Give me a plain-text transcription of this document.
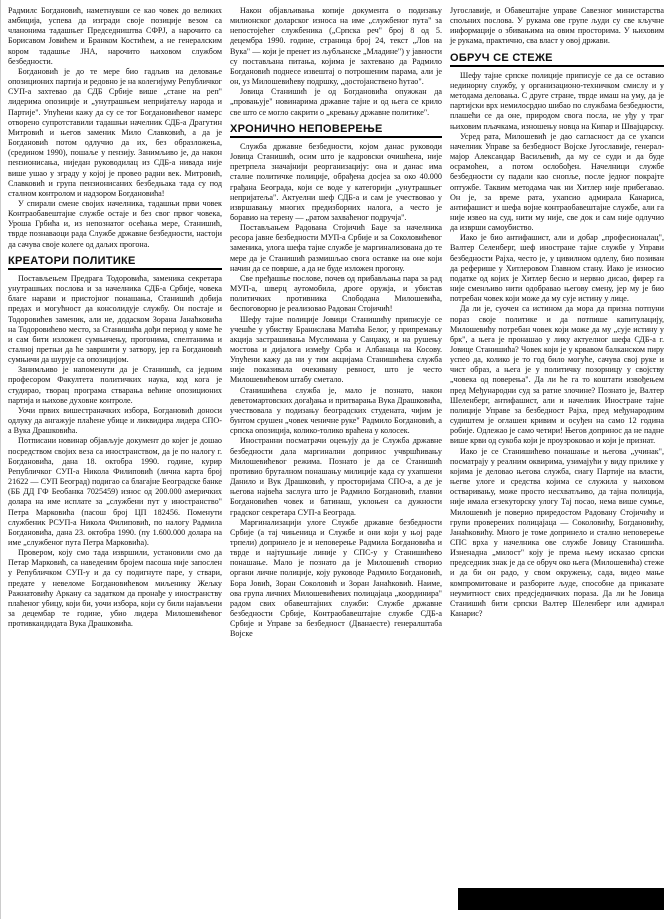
Радмилс Богдановић, наметнувши се као човек до великих амбиција, успева да изгради своје позиције везом са чланонима тадашњег Председништва СФРЈ, а нарочито са Борисавом Јовићем и Бранком Костићем, а не генералским кором тадашње ЈНА, нарочито њиховом службом безбедности.

Богдановић је до те мере био гадљив на деловање опозиционих партија и редовно је на колегијуму Републичког СУП-а захтевао да СДБ Србије више „стане на реп" лидерима опозиције и „унутрашњем непријатељу народа и Партије". Упућени кажу да су се тог Богдановићевог намерс отворено супротставили тадашњи начелник СДБ-а Драгутин Митровић и његов заменик Мило Славковић, а да је Богдановић потом одлучио да их, без образложења, (средином 1990), пошаље у пензију. Занимљиво је, да након пензионисања, ниједан руководилац из СДБ-а нивада није више ушао у зграду у којој је провео радни век. Митровић, Славковић и група пензионисаних безбедњака тада су под сталном контролом и надзором Богдановића!

У спирали смене својих начелника, тадашњи први човек Контраобавештајне службе остаје и без свог првог човека, Уроша Грбића и, из непознатог осећања мере, Станишић, тврде познаваоци рада Службе државне безбедности, настоји да сачува своје колеге од даљих прогона.

КРЕАТОРИ ПОЛИТИКЕ

Постављењем Предрага Тодоровића, заменика секретара унутрашњих послова и за начелника СДБ-а Србије, човека благе нарави и пристојног понашања, Станишић добија предах и могућност да консолидује службу. Он постаје и Тодоровићев заменик, али не, додаском Зорана Јанаћковића на Тодоровићево место, за Станишића дођи период у коме ће и сам бити изложен сумњичењу, прогонима, спелтанима и сталној претњи да ће завршити у затвору, јер га Богдановић сумњичи да шурује са опозицијом.

Занимљиво је напоменути да је Станишић, са једним професором Факултета политичких наука, код кога је студирао, творац програма стварања већине опозиционих партија и њихове духовне контроле.

Уочи првих вишестраначких избора, Богдановић доноси одлуку да ангажује плаћене убице и ликвидира лидера СПО-а Вука Драшковића.

Потписани новинар објављује документ до којег је дошао посредством својих веза са иностранством, да је по налогу г. Богдановића, дана 18. октобра 1990. године, курир Републичког СУП-а Никола Филиповић (лична карта број 21622 — СУП Београд) подигао са благајне Београдске банке (ББ ДД ГФ Беобанка 7025459) износ од 200.000 америчких долара на име исплате за „службени пут у иностранство" Петра Марковића (пасош број ЦП 182456. Поменути службеник РСУП-а Никола Филиповић, по налогу Радмила Богдановића, дана 23. октобра 1990. (пу 1.600.000 долара на име „службеног пута Петра Марковића).

Провером, коју смо тада извршили, установили смо да Петар Марковић, са наведеним бројем пасоша није запослен у Републичком СУП-у и да су подигнуте паре, у ствари, предате у невеломе Богдановићевом миљенику Жељку Ражнатовићу Аркану са задатком да пронађе у иностранству плаћеног убицу, који би, уочи избора, који су били најављени за децембар те године, убио лидера Милошевићевог противкандидата Вука Драшковића.

Након објављивања копије документа о подизању милионског доларског износа на име „службеног пута" за непостојећег службеника („Српска реч" број 8 од 5. децембра 1990. године, страница број 24, текст „Лов на Вука" — који је пренет из љубљанске „Младине") у јавности су постављана питања, којима је захтевано да Радмило Богдановић поднесе извештај о потрошеним парама, али је он, уз Милошевићеву подршку, „достојанствено ћутао".

Јовица Станишић је од Богдановића опужжан да „провањује" новинарима државне тајне и од њега се крило све што се могло сакрити о „кревању државне политике".

ХРОНИЧНО НЕПОВЕРЕЊЕ

Служба државне безбедности, којом данас руководи Јовица Станишић, осим што је кадровски очишћена, није претрпела значајнији реорганизацију: она и данас има сталне политичке полиције, обрађена досјеа за око 40.000 грађана Београда, који се воде у категорији „унутрашњег непријатеља". Актуелни шеф СДБ-а и сам је учествовао у извршавању многих предизборних налога, а често је боравио на терену — „ратом захваћеног подручја".

Постављањем Радована Стојичић Баџе за начелника ресора јавне безбедности МУП-а Србије и за Соколовићевог заменика, улога шефа тајне службе је маргинализована до те мере да је Станишић размишљао свога оставке на оне који начин да се површе, а да не буде изложен прогону.

Све пређашње послове, почев од прибављања пара за рад МУП-а, шверц аутомобила, дроге оружја, и убистав политичких противника Слободана Милошевића, беспоговорно је реализовао Радован Стојичић!

Шефу тајне полиције Јовици Станишићу приписује се учешће у убиству Бранислава Матића Белог, у припремању акција застрашивања Муслимана у Санџаку, и на рушењу мостова и дијалога између Срба и Албанаца на Косову. Упућени кажу да ни у тим акцијама Станишићева служба није показивала очекивану ревност, што је често Милошевићевом штабу сметало.

Станишићева служба је, мало је познато, након деветомартовских догађања и притварања Вука Драшковића, учествовала у подизању београдских студената, чијим је бунтом срушен „човек ченичне руке" Радмило Богдановић, а српска опозиција, колико-толико враћена у колосек.

Иностранни посматрачи оцењују да је Служба државне безбедности дала маргинални допринос учвршћивању Милошевићевог режима. Познато је да се Станишић противио бруталном понашању милиције када су ухапшени Данило и Вук Драшковић, у просторијама СПО-а, а де је његова највећа заслуга што је Радмило Богдановић, главни Богдановићев човек и батинаш, уклоњен са дужности градског секретара СУП-а Београда.

Маргинализацији улоге Службе државне безбедности Србије (а тај чињеница и Службе и они који у њој раде трпели) допринело је и неповерење Радмила Богдановића и тврде и најтушњије линије у СПС-у у Станишићево понашање. Мало је познато да је Милошевић створио органи личне полиције, коју руководе Радмило Богдановић, Бора Јовић, Зоран Соколовић и Зоран Јанаћковић. Наиме, ова група личних Милошевићевих полицајаца „координира" радом свих обавештајних служби: Службе државне безбедности Србије, Контраобавештајне службе СДБ-а Србије и Управе за безбедност (Дванаесте) генералштаба Војске

Југославије, и Обавештајне управе Савезног министарства спољних послова. У рукама ове групе људи су све кључне информације о збивањима на овим просторима. У њиховим је рукама, практично, сва власт у овој држави.

ОБРУЧ СЕ СТЕЖЕ

Шефу тајне српске полиције приписује се да се оставио нединорну службу, у организационо-техничком смислу и у методама деловања. С друге стране, тврде имаш на уму, да је партијски врх немилосрдно шибао по службама безбедности, плашећи се да оне, природом свога посла, не уђу у траг њиховим пљачкама, изношењу новца на Кипар и Швајцарску.

Усред рата, Милошевић је дао сагласност да се ухапси начелник Управе за безбедност Војске Југославије, генерал-мајор Александар Васиљевић, да му се суди и да буде осрамоћен, а потом ослобођен. Начелници службе безбедности су падали као снопље, после једног покрајте оптужбе. Таквим методама чак ни Хитлер није прибегавао. Он је, за време рата, ухапсио адмирала Канариса, антифашист и шефа војне контраобавештајне службе, али га није извео на суд, нити му није, све док и сам није одлучио да изврши самоубиство.

Иако је био антифашист, али и добар „професионалац", Валтер Селенберг, шеф иностране тајне службе у Управи безбедности Рајха, често је, у цивилном одлелу, био позиван да реферише у Хитлеровом Главном стану. Иако је износио податке од којих је Хитлер бесно и нервно дисао, фирер га није сменљиво нити одобравао његову смену, јер му је био потребан човек који може да му сује истину у лице.

Да ли је, суочен са истином да мора да призна потпуни пораз своје политике и да потпише капитулацију, Милошевићу потребан човек који може да му „сује истину у брк", а њега је пронашао у лику актуелног шефа СДБ-а г. Јовице Станишића? Човек који је у крвавом балканском пиру успео да, колико је то год било могуће, сачува свој руке и чист образ, а њега је у политичку позорницу у својству „човека од поверења". Да ли ће га то коштати извођењем пред Међународни суд за ратне злочине? Познато је, Валтер Шеленберг, антифашист, али и начелник Иностране тајне полиције Управе за безбедност Рајха, пред међународним судиштем је оглашен кривим и осуђен на само 12 година робије. Одлежао је само четири! Његов допринос да не падне више крви од сукоба који је проузроковао и који је признат.

Иако је се Станишићево понашање и његова „учинак", посматрају у реалним оквирима, узимајући у виду прилике у којима је деловао његова служба, сиагу Партије на власти, његве улоге и средства којима се служила у њиховом остваривању, може просто несхватљиво, да тајна полиција, није имала егзекуторску улогу Тај посао, нема више сумње, Милошевић је поверио приредостом Радовану Стојичићу и групи проверених полицајаца — Соколовићу, Богдановићу, Јанаћковићу. Много је томе допринело и стално неповерење СПС врха у начелника ове службе Јовицу Станишића. Изненадна „милост" коју је према њему исказао српски председник знак је да се обруч око њега (Милошевића) стеже и да би он радо, у свом окружењу, сада, видео мање компромитоване и разборите људе, способне да приказате неумитност свих предсједничких пораза. Да ли ће Јовица Станишић бити српски Валтер Шеленберг или адмирал Канарис?
